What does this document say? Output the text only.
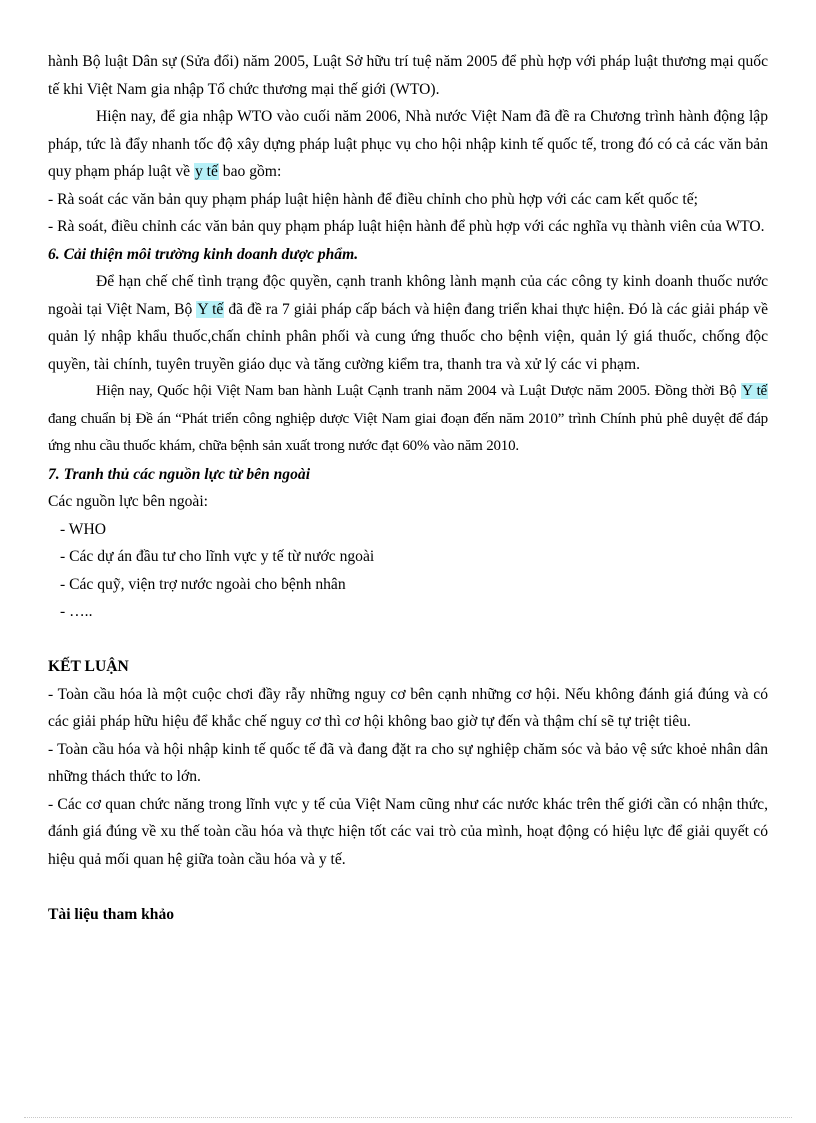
hành Bộ luật Dân sự (Sửa đổi) năm 2005, Luật Sở hữu trí tuệ năm 2005 để phù hợp với pháp luật thương mại quốc tế khi Việt Nam gia nhập Tổ chức thương mại thế giới (WTO).

Hiện nay, để gia nhập WTO vào cuối năm 2006, Nhà nước Việt Nam đã đề ra Chương trình hành động lập pháp, tức là đẩy nhanh tốc độ xây dựng pháp luật phục vụ cho hội nhập kinh tế quốc tế, trong đó có cả các văn bản quy phạm pháp luật về y tế bao gồm:

- Rà soát các văn bản quy phạm pháp luật hiện hành để điều chỉnh cho phù hợp với các cam kết quốc tế;

- Rà soát, điều chỉnh các văn bản quy phạm pháp luật hiện hành để phù hợp với các nghĩa vụ thành viên của WTO.

6. Cải thiện môi trường kinh doanh dược phẩm.

Để hạn chế chế tình trạng độc quyền, cạnh tranh không lành mạnh của các công ty kinh doanh thuốc nước ngoài tại Việt Nam, Bộ Y tế đã đề ra 7 giải pháp cấp bách và hiện đang triển khai thực hiện. Đó là các giải pháp về quản lý nhập khẩu thuốc,chấn chỉnh phân phối và cung ứng thuốc cho bệnh viện, quản lý giá thuốc, chống độc quyền, tài chính, tuyên truyền giáo dục và tăng cường kiểm tra, thanh tra và xử lý các vi phạm.

Hiện nay, Quốc hội Việt Nam ban hành Luật Cạnh tranh năm 2004 và Luật Dược năm 2005. Đồng thời Bộ Y tế đang chuẩn bị Đề án “Phát triển công nghiệp dược Việt Nam giai đoạn đến năm 2010” trình Chính phủ phê duyệt để đáp ứng nhu cầu thuốc khám, chữa bệnh sản xuất trong nước đạt 60% vào năm 2010.

7. Tranh thủ các nguồn lực từ bên ngoài

Các nguồn lực bên ngoài:

- WHO

- Các dự án đầu tư cho lĩnh vực y tế từ nước ngoài

- Các quỹ, viện trợ nước ngoài cho bệnh nhân

- …..

KẾT LUẬN

- Toàn cầu hóa là một cuộc chơi đầy rẫy những nguy cơ bên cạnh những cơ hội. Nếu không đánh giá đúng và có các giải pháp hữu hiệu để khắc chế nguy cơ thì cơ hội không bao giờ tự đến và thậm chí sẽ tự triệt tiêu.

- Toàn cầu hóa và hội nhập kinh tế quốc tế đã và đang đặt ra cho sự nghiệp chăm sóc và bảo vệ sức khoẻ nhân dân những thách thức to lớn.

- Các cơ quan chức năng trong lĩnh vực y tế của Việt Nam cũng như các nước khác trên thế giới cần có nhận thức, đánh giá đúng về xu thế toàn cầu hóa và thực hiện tốt các vai trò của mình, hoạt động có hiệu lực để giải quyết có hiệu quả mối quan hệ giữa toàn cầu hóa và y tế.

Tài liệu tham khảo
